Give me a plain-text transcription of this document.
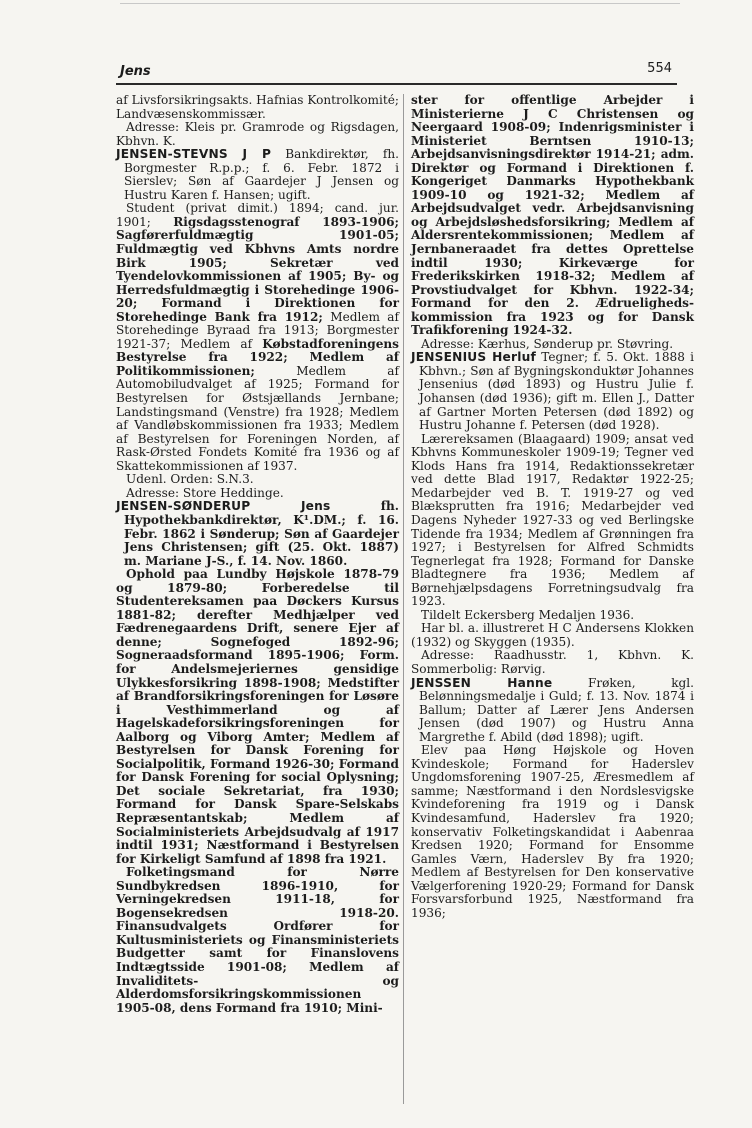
Jens	554

af Livsforsikringsakts. Hafnias Kontrolkomité; Landvæsenskommissær.

Adresse: Kleis pr. Gramrode og Rigsdagen, Kbhvn. K.

JENSEN-STEVNS J P Bankdirektør, fh. Borgmester R.p.p.; f. 6. Febr. 1872 i Sierslev; Søn af Gaardejer J Jensen og Hustru Karen f. Hansen; ugift.

Student (privat dimit.) 1894; cand. jur. 1901; Rigsdagsstenograf 1893-1906; Sagførerfuldmægtig 1901-05; Fuldmægtig ved Kbhvns Amts nordre Birk 1905; Sekretær ved Tyendelovkommissionen af 1905; By- og Herredsfuldmægtig i Storehedinge 1906-20; Formand i Direktionen for Storehedinge Bank fra 1912; Medlem af Storehedinge Byraad fra 1913; Borgmester 1921-37; Medlem af Købstadforeningens Bestyrelse fra 1922; Medlem af Politikommissionen; Medlem af Automobiludvalget af 1925; Formand for Bestyrelsen for Østsjællands Jernbane; Landstingsmand (Venstre) fra 1928; Medlem af Vandløbskommissionen fra 1933; Medlem af Bestyrelsen for Foreningen Norden, af Rask-Ørsted Fondets Komité fra 1936 og af Skattekommissionen af 1937.

Udenl. Orden: S.N.3.

Adresse: Store Heddinge.

JENSEN-SØNDERUP Jens fh. Hypothekbankdirektør, K¹.DM.; f. 16. Febr. 1862 i Sønderup; Søn af Gaardejer Jens Christensen; gift (25. Okt. 1887) m. Mariane J-S., f. 14. Nov. 1860.

Ophold paa Lundby Højskole 1878-79 og 1879-80; Forberedelse til Studentereksamen paa Døckers Kursus 1881-82; derefter Medhjælper ved Fædrenegaardens Drift, senere Ejer af denne; Sognefoged 1892-96; Sogneraadsformand 1895-1906; Form. for Andelsmejeriernes gensidige Ulykkesforsikring 1898-1908; Medstifter af Brandforsikringsforeningen for Løsøre i Vesthimmerland og af Hagelskadeforsikringsforeningen for Aalborg og Viborg Amter; Medlem af Bestyrelsen for Dansk Forening for Socialpolitik, Formand 1926-30; Formand for Dansk Forening for social Oplysning; Det sociale Sekretariat, fra 1930; Formand for Dansk Spare-Selskabs Repræsentantskab; Medlem af Socialministeriets Arbejdsudvalg af 1917 indtil 1931; Næstformand i Bestyrelsen for Kirkeligt Samfund af 1898 fra 1921.

Folketingsmand for Nørre Sundbykredsen 1896-1910, for Verningekredsen 1911-18, for Bogensekredsen 1918-20. Finansudvalgets Ordfører for Kultusministeriets og Finansministeriets Budgetter samt for Finanslovens Indtægtsside 1901-08; Medlem af Invaliditets- og Alderdomsforsikringskommissionen 1905-08, dens Formand fra 1910; Mini-

ster for offentlige Arbejder i Ministerierne J C Christensen og Neergaard 1908-09; Indenrigsminister i Ministeriet Berntsen 1910-13; Arbejdsanvisningsdirektør 1914-21; adm. Direktør og Formand i Direktionen f. Kongeriget Danmarks Hypothekbank 1909-10 og 1921-32; Medlem af Arbejdsudvalget vedr. Arbejdsanvisning og Arbejdsløshedsforsikring; Medlem af Aldersrentekommissionen; Medlem af Jernbaneraadet fra dettes Oprettelse indtil 1930; Kirkeværge for Frederikskirken 1918-32; Medlem af Provstiudvalget for Kbhvn. 1922-34; Formand for den 2. Ædrueligheds-kommission fra 1923 og for Dansk Trafikforening 1924-32.

Adresse: Kærhus, Sønderup pr. Støvring.

JENSENIUS Herluf Tegner; f. 5. Okt. 1888 i Kbhvn.; Søn af Bygningskonduktør Johannes Jensenius (død 1893) og Hustru Julie f. Johansen (død 1936); gift m. Ellen J., Datter af Gartner Morten Petersen (død 1892) og Hustru Johanne f. Petersen (død 1928).

Lærereksamen (Blaagaard) 1909; ansat ved Kbhvns Kommuneskoler 1909-19; Tegner ved Klods Hans fra 1914, Redaktionssekretær ved dette Blad 1917, Redaktør 1922-25; Medarbejder ved B. T. 1919-27 og ved Blæksprutten fra 1916; Medarbejder ved Dagens Nyheder 1927-33 og ved Berlingske Tidende fra 1934; Medlem af Grønningen fra 1927; i Bestyrelsen for Alfred Schmidts Tegnerlegat fra 1928; Formand for Danske Bladtegnere fra 1936; Medlem af Børnehjælpsdagens Forretningsudvalg fra 1923.

Tildelt Eckersberg Medaljen 1936.

Har bl. a. illustreret H C Andersens Klokken (1932) og Skyggen (1935).

Adresse: Raadhusstr. 1, Kbhvn. K. Sommerbolig: Rørvig.

JENSSEN Hanne Frøken, kgl. Belønningsmedalje i Guld; f. 13. Nov. 1874 i Ballum; Datter af Lærer Jens Andersen Jensen (død 1907) og Hustru Anna Margrethe f. Abild (død 1898); ugift.

Elev paa Høng Højskole og Hoven Kvindeskole; Formand for Haderslev Ungdomsforening 1907-25, Æresmedlem af samme; Næstformand i den Nordslesvigske Kvindeforening fra 1919 og i Dansk Kvindesamfund, Haderslev fra 1920; konservativ Folketingskandidat i Aabenraa Kredsen 1920; Formand for Ensomme Gamles Værn, Haderslev By fra 1920; Medlem af Bestyrelsen for Den konservative Vælgerforening 1920-29; Formand for Dansk Forsvarsforbund 1925, Næstformand fra 1936;
